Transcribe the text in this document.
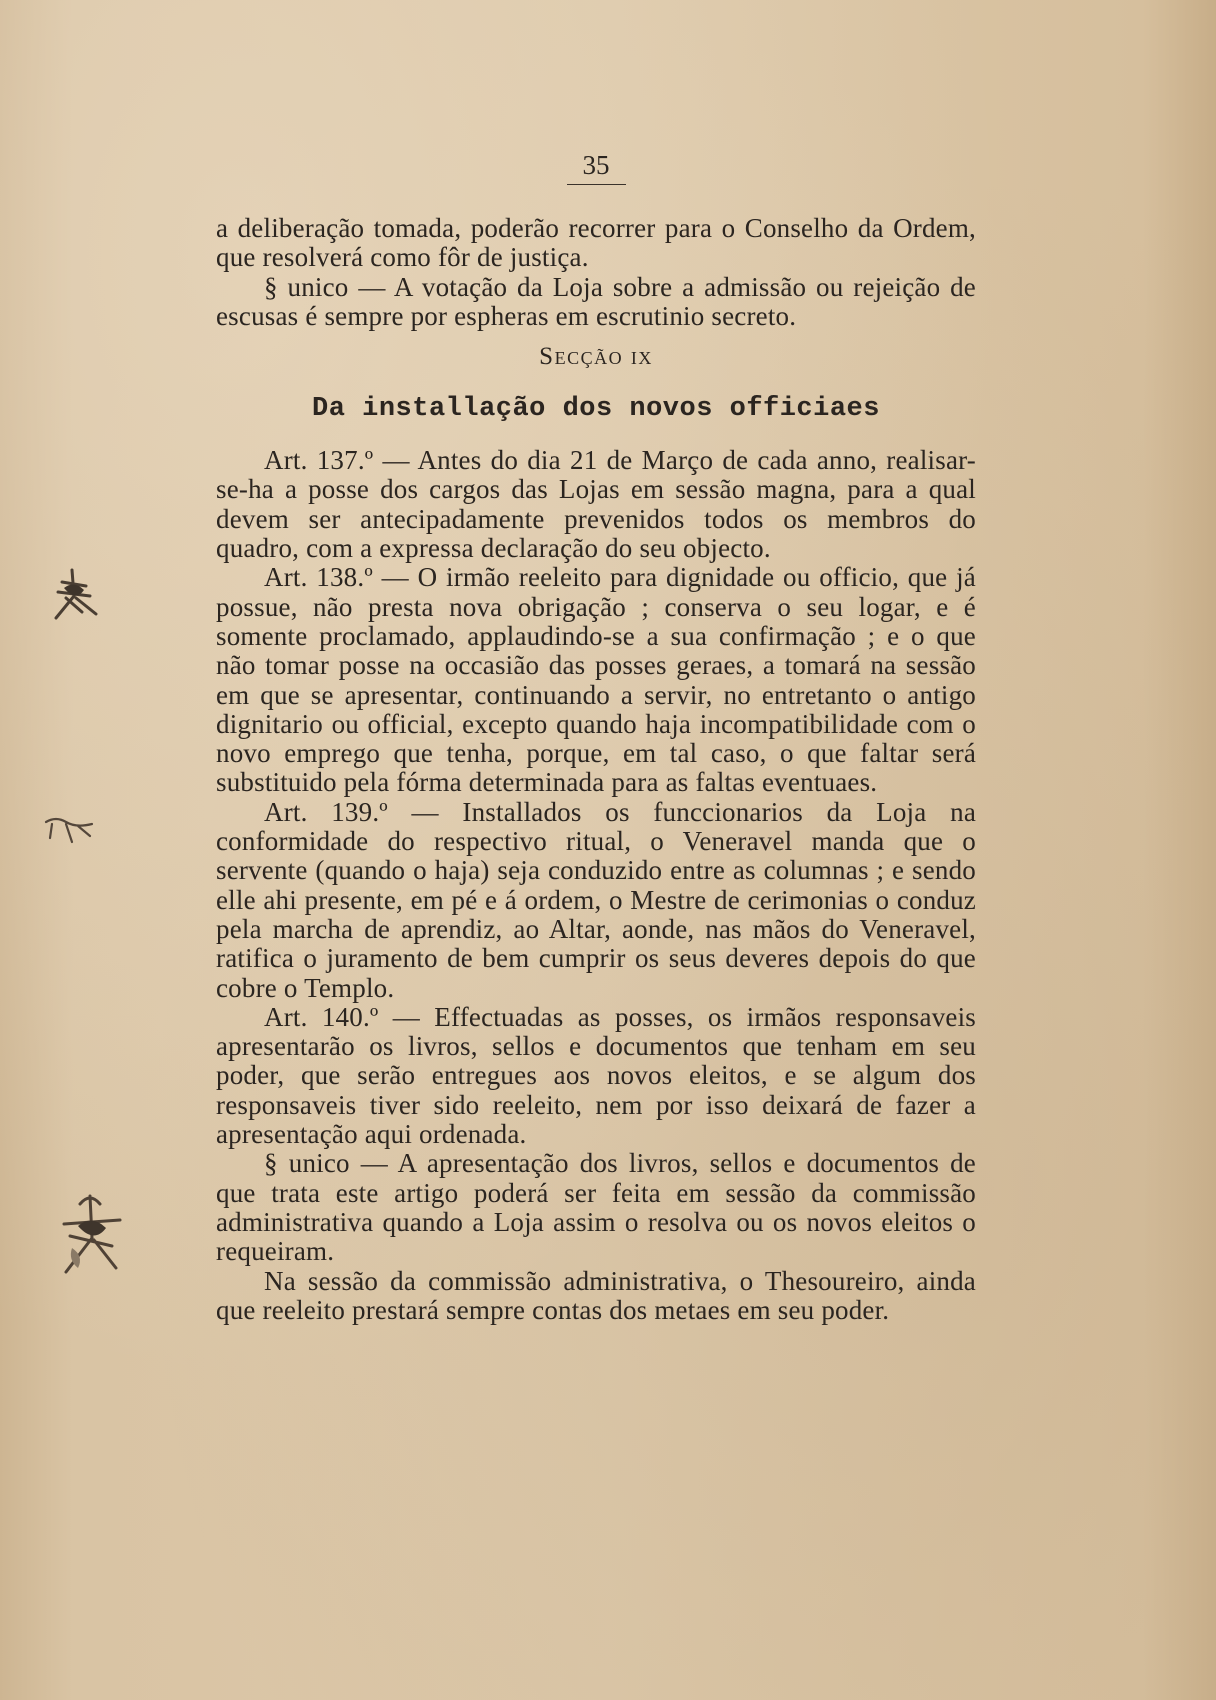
35

a deliberação tomada, poderão recorrer para o Conselho da Ordem, que resolverá como fôr de justiça.

§ unico — A votação da Loja sobre a admissão ou rejeição de escusas é sempre por espheras em escrutinio secreto.

Secção ix

Da installação dos novos officiaes

Art. 137.º — Antes do dia 21 de Março de cada anno, realisar-se-ha a posse dos cargos das Lojas em sessão magna, para a qual devem ser antecipadamente prevenidos todos os membros do quadro, com a expressa declaração do seu objecto.

Art. 138.º — O irmão reeleito para dignidade ou officio, que já possue, não presta nova obrigação ; conserva o seu logar, e é somente proclamado, applaudindo-se a sua confirmação ; e o que não tomar posse na occasião das posses geraes, a tomará na sessão em que se apresentar, continuando a servir, no entretanto o antigo dignitario ou official, excepto quando haja incompatibilidade com o novo emprego que tenha, porque, em tal caso, o que faltar será substituido pela fórma determinada para as faltas eventuaes.

Art. 139.º — Installados os funccionarios da Loja na conformidade do respectivo ritual, o Veneravel manda que o servente (quando o haja) seja conduzido entre as columnas ; e sendo elle ahi presente, em pé e á ordem, o Mestre de cerimonias o conduz pela marcha de aprendiz, ao Altar, aonde, nas mãos do Veneravel, ratifica o juramento de bem cumprir os seus deveres depois do que cobre o Templo.

Art. 140.º — Effectuadas as posses, os irmãos responsaveis apresentarão os livros, sellos e documentos que tenham em seu poder, que serão entregues aos novos eleitos, e se algum dos responsaveis tiver sido reeleito, nem por isso deixará de fazer a apresentação aqui ordenada.

§ unico — A apresentação dos livros, sellos e documentos de que trata este artigo poderá ser feita em sessão da commissão administrativa quando a Loja assim o resolva ou os novos eleitos o requeiram.

Na sessão da commissão administrativa, o Thesoureiro, ainda que reeleito prestará sempre contas dos metaes em seu poder.
